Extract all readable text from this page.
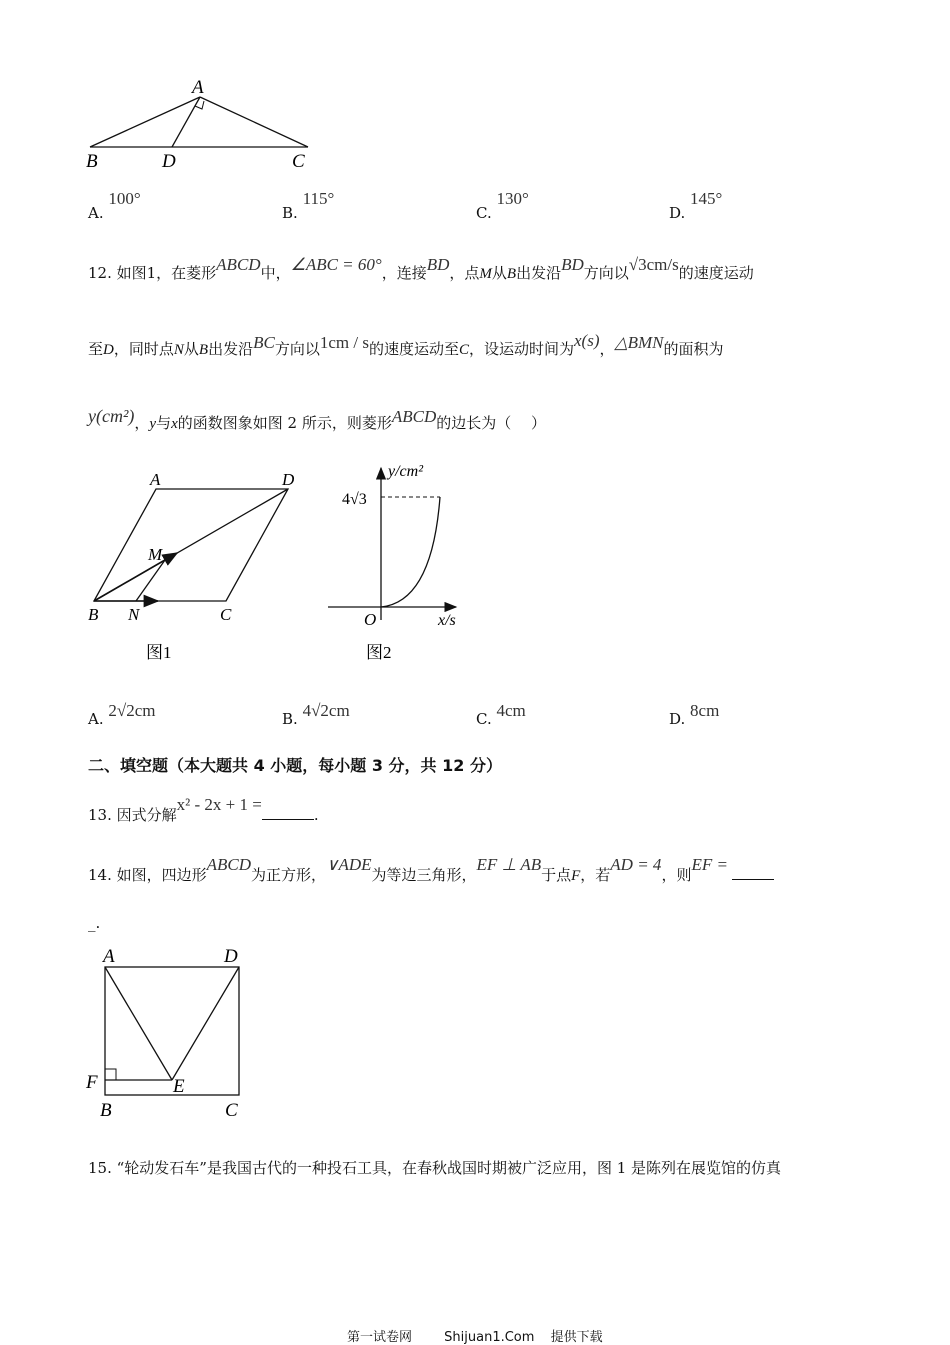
A
B	D	C
A. 100°
B. 115°
C. 130°
D. 145°
12. 如图1，在菱形ABCD中，∠ABC = 60°，连接BD，点M从B出发沿BD方向以√3cm/s的速度运动
至D，同时点N从B出发沿BC方向以1cm / s的速度运动至C，设运动时间为x(s)，△BMN的面积为
y(cm²)，y与x的函数图象如图 2 所示，则菱形ABCD的边长为（　 ）
A	D
M
B N	C
图1
y/cm²
4√3
O	x/s
图2
A. 2√2cm	B. 4√2cm	C. 4cm	D. 8cm
二、填空题（本大题共 4 小题，每小题 3 分，共 12 分）
13. 因式分解x² - 2x + 1 =.
14. 如图，四边形ABCD为正方形，∨ADE为等边三角形，EF ⊥ AB于点F，若AD = 4，则EF =
_.
A	D
F	E
B	C
15. “轮动发石车”是我国古代的一种投石工具，在春秋战国时期被广泛应用，图 1 是陈列在展览馆的仿真
第一试卷网 Shijuan1.Com 提供下载
